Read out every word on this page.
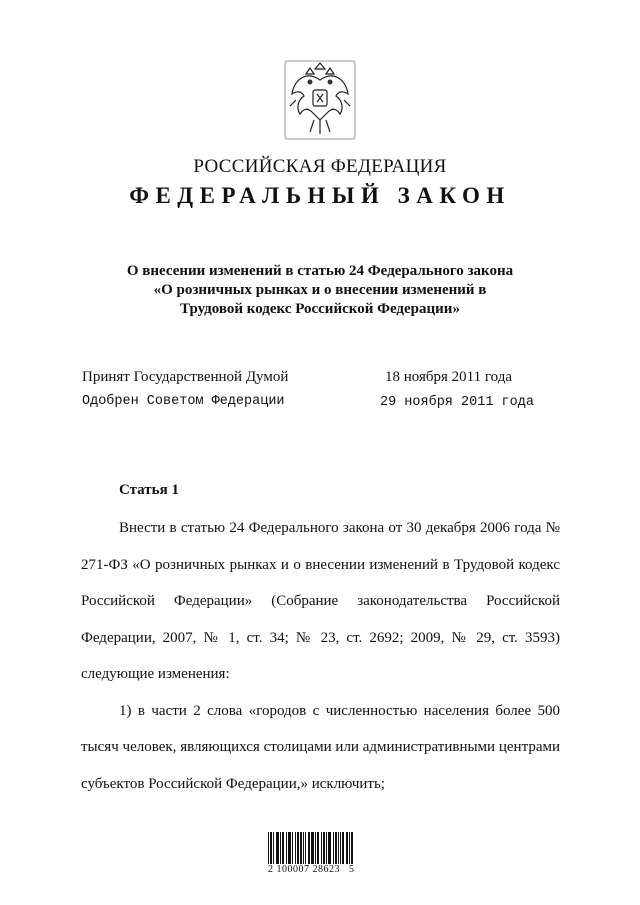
РОССИЙСКАЯ ФЕДЕРАЦИЯ
ФЕДЕРАЛЬНЫЙ ЗАКОН
О внесении изменений в статью 24 Федерального закона
«О розничных рынках и о внесении изменений в
Трудовой кодекс Российской Федерации»
Принят Государственной Думой	18 ноября 2011 года
Одобрен Советом Федерации	29 ноября 2011 года
Статья 1

Внести в статью 24 Федерального закона от 30 декабря 2006 года № 271-ФЗ «О розничных рынках и о внесении изменений в Трудовой кодекс Российской Федерации» (Собрание законодательства Российской Федерации, 2007, № 1, ст. 34; № 23, ст. 2692; 2009, № 29, ст. 3593) следующие изменения:

1) в части 2 слова «городов с численностью населения более 500 тысяч человек, являющихся столицами или административными центрами субъектов Российской Федерации,» исключить;

2 100007 28623   5
